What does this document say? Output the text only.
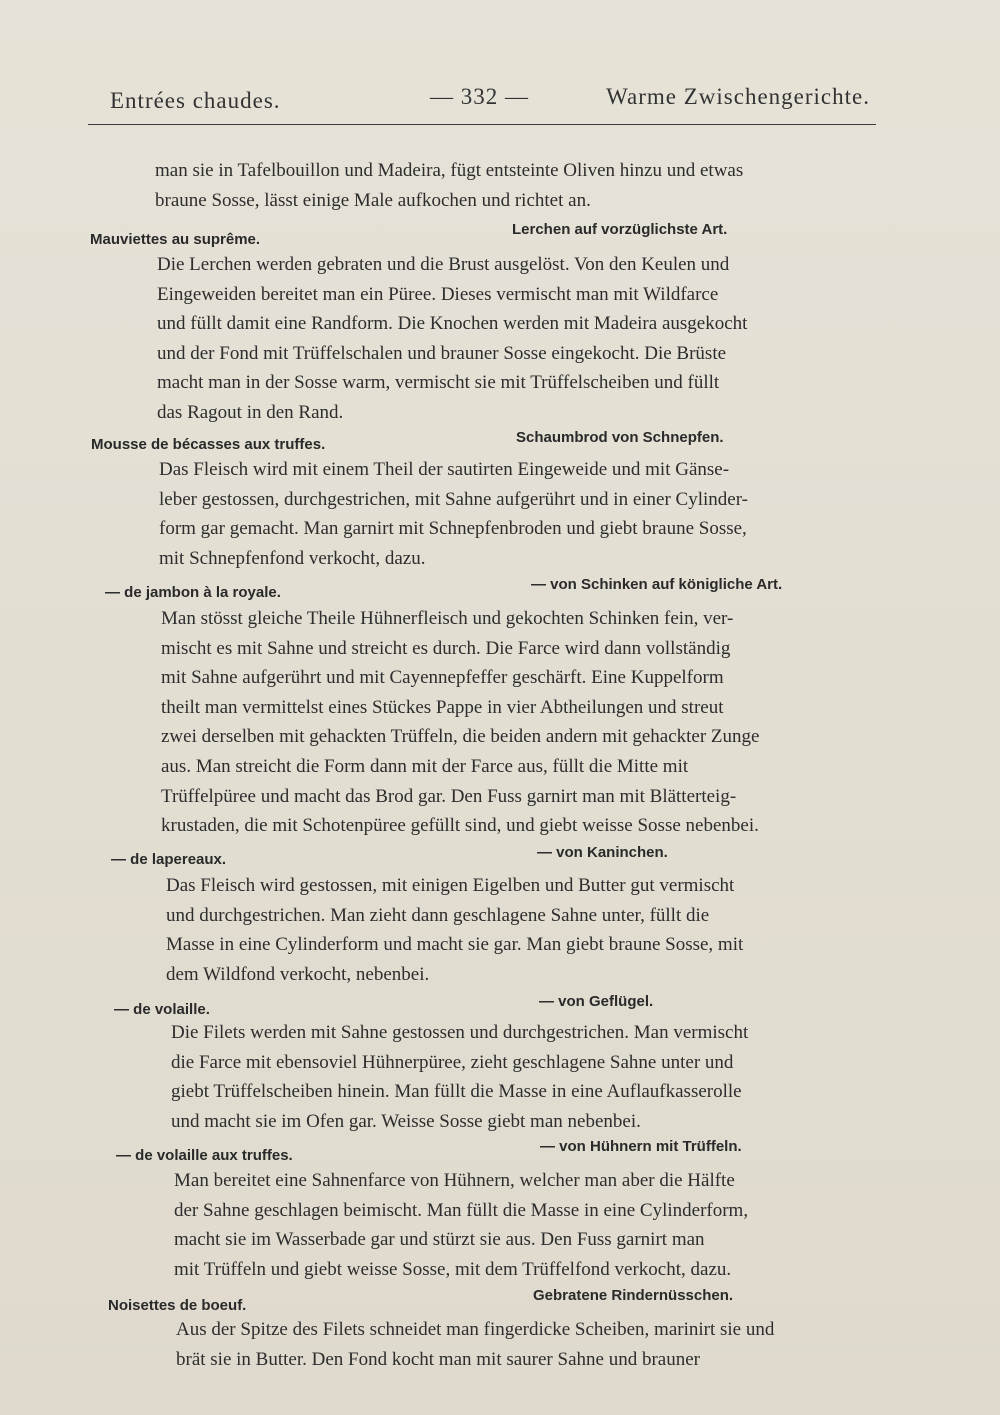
Entrées chaudes.	— 332 —	Warme Zwischengerichte.
man sie in Tafelbouillon und Madeira, fügt entsteinte Oliven hinzu und etwas
braune Sosse, lässt einige Male aufkochen und richtet an.
Mauviettes au suprême.
Lerchen auf vorzüglichste Art.
Die Lerchen werden gebraten und die Brust ausgelöst. Von den Keulen und
Eingeweiden bereitet man ein Püree. Dieses vermischt man mit Wildfarce
und füllt damit eine Randform. Die Knochen werden mit Madeira ausgekocht
und der Fond mit Trüffelschalen und brauner Sosse eingekocht. Die Brüste
macht man in der Sosse warm, vermischt sie mit Trüffelscheiben und füllt
das Ragout in den Rand.
Mousse de bécasses aux truffes.	Schaumbrod von Schnepfen.
Das Fleisch wird mit einem Theil der sautirten Eingeweide und mit Gänse-
leber gestossen, durchgestrichen, mit Sahne aufgerührt und in einer Cylinder-
form gar gemacht. Man garnirt mit Schnepfenbroden und giebt braune Sosse,
mit Schnepfenfond verkocht, dazu.
— de jambon à la royale.	— von Schinken auf königliche Art.
Man stösst gleiche Theile Hühnerfleisch und gekochten Schinken fein, ver-
mischt es mit Sahne und streicht es durch. Die Farce wird dann vollständig
mit Sahne aufgerührt und mit Cayennepfeffer geschärft. Eine Kuppelform
theilt man vermittelst eines Stückes Pappe in vier Abtheilungen und streut
zwei derselben mit gehackten Trüffeln, die beiden andern mit gehackter Zunge
aus. Man streicht die Form dann mit der Farce aus, füllt die Mitte mit
Trüffelpüree und macht das Brod gar. Den Fuss garnirt man mit Blätterteig-
krustaden, die mit Schotenpüree gefüllt sind, und giebt weisse Sosse nebenbei.
— de lapereaux.	— von Kaninchen.
Das Fleisch wird gestossen, mit einigen Eigelben und Butter gut vermischt
und durchgestrichen. Man zieht dann geschlagene Sahne unter, füllt die
Masse in eine Cylinderform und macht sie gar. Man giebt braune Sosse, mit
dem Wildfond verkocht, nebenbei.
— de volaille.	— von Geflügel.
Die Filets werden mit Sahne gestossen und durchgestrichen. Man vermischt
die Farce mit ebensoviel Hühnerpüree, zieht geschlagene Sahne unter und
giebt Trüffelscheiben hinein. Man füllt die Masse in eine Auflaufkasserolle
und macht sie im Ofen gar. Weisse Sosse giebt man nebenbei.
— de volaille aux truffes.
— von Hühnern mit Trüffeln.
Man bereitet eine Sahnenfarce von Hühnern, welcher man aber die Hälfte
der Sahne geschlagen beimischt. Man füllt die Masse in eine Cylinderform,
macht sie im Wasserbade gar und stürzt sie aus. Den Fuss garnirt man
mit Trüffeln und giebt weisse Sosse, mit dem Trüffelfond verkocht, dazu.
Noisettes de boeuf.
Gebratene Rindernüsschen.
Aus der Spitze des Filets schneidet man fingerdicke Scheiben, marinirt sie und
brät sie in Butter. Den Fond kocht man mit saurer Sahne und brauner
